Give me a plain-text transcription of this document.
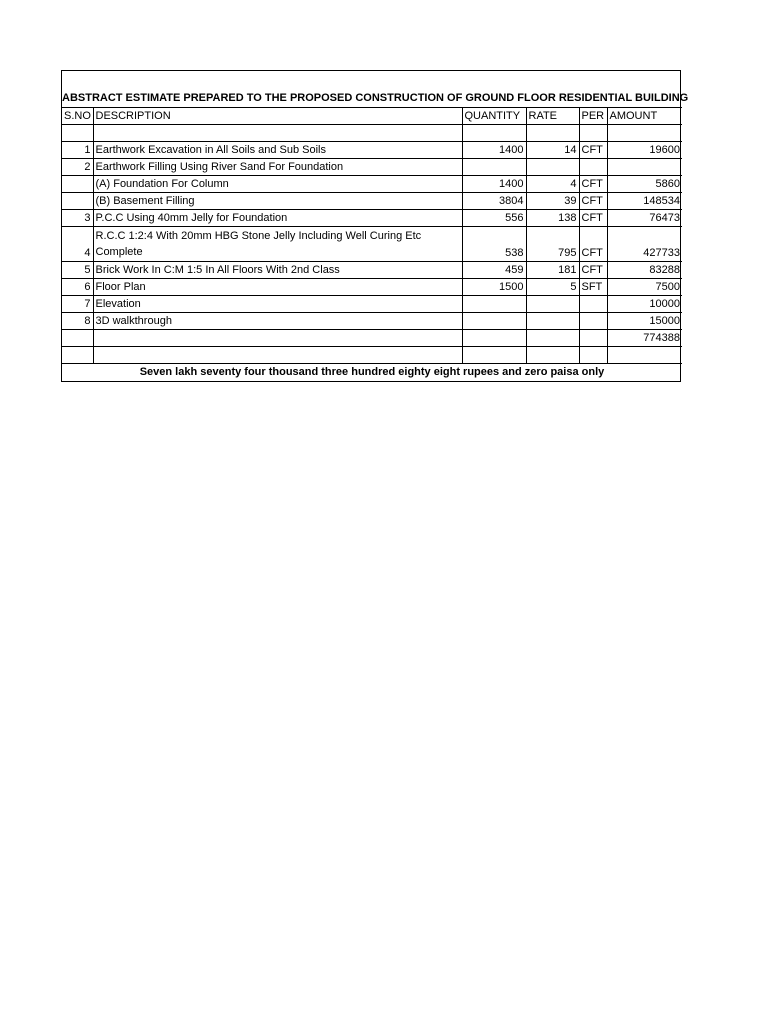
ABSTRACT ESTIMATE PREPARED TO THE PROPOSED CONSTRUCTION OF GROUND FLOOR RESIDENTIAL BUILDING
S.NO	DESCRIPTION	QUANTITY	RATE	PER	AMOUNT

1	Earthwork Excavation in All Soils and Sub Soils	1400	14	CFT	19600
2	Earthwork Filling Using River Sand For Foundation				
	(A) Foundation For Column	1400	4	CFT	5860
	(B) Basement Filling	3804	39	CFT	148534
3	P.C.C Using 40mm Jelly for Foundation	556	138	CFT	76473
4	R.C.C 1:2:4 With 20mm HBG Stone Jelly Including Well Curing Etc Complete	538	795	CFT	427733
5	Brick Work In C:M 1:5 In All Floors With 2nd Class	459	181	CFT	83288
6	Floor Plan	1500	5	SFT	7500
7	Elevation				10000
8	3D walkthrough				15000
					774388

Seven lakh seventy four thousand three hundred eighty eight rupees and zero paisa only					
